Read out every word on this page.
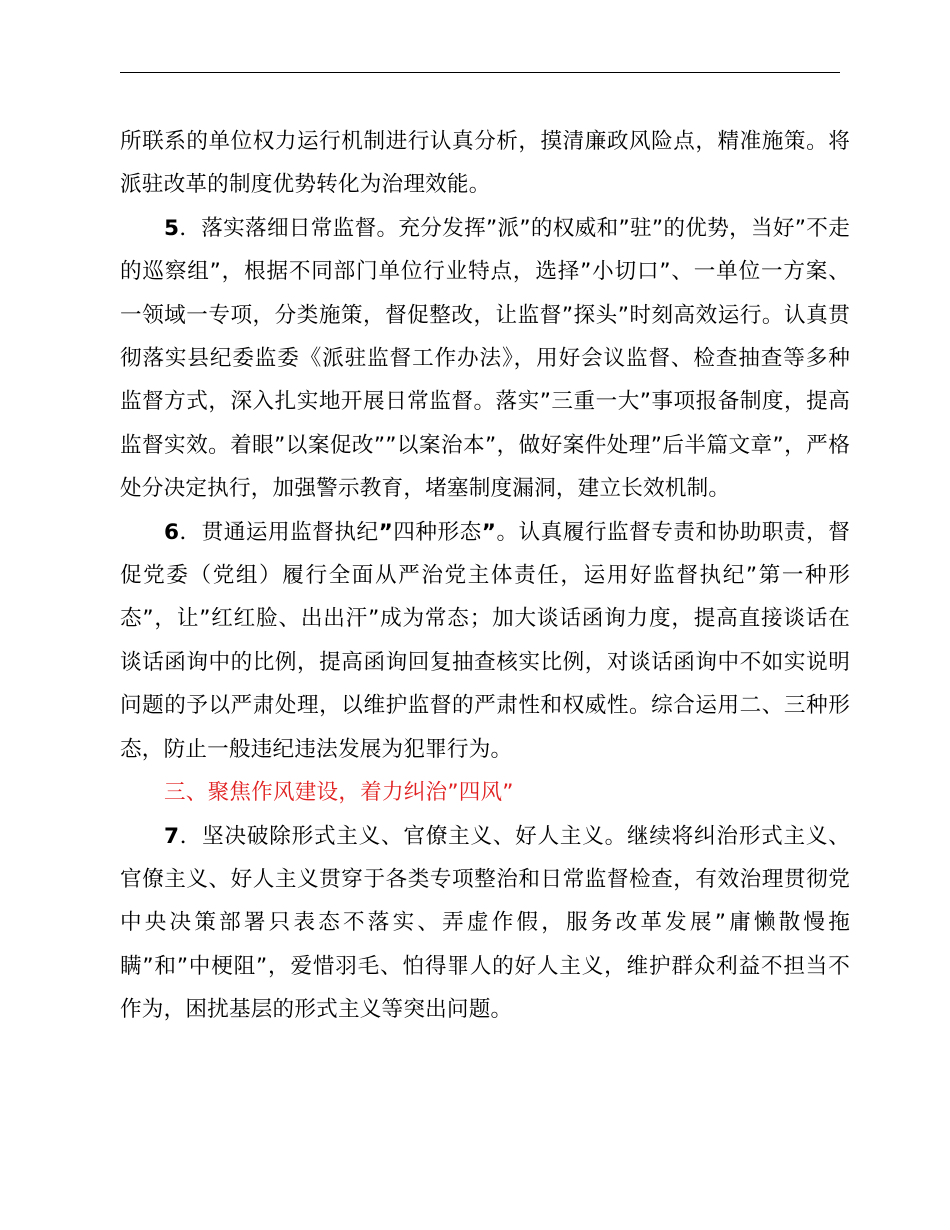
所联系的单位权力运行机制进行认真分析，摸清廉政风险点，精准施策。将派驻改革的制度优势转化为治理效能。

5．落实落细日常监督。充分发挥”派”的权威和”驻”的优势，当好”不走的巡察组”，根据不同部门单位行业特点，选择”小切口”、一单位一方案、一领域一专项，分类施策，督促整改，让监督”探头”时刻高效运行。认真贯彻落实县纪委监委《派驻监督工作办法》，用好会议监督、检查抽查等多种监督方式，深入扎实地开展日常监督。落实”三重一大”事项报备制度，提高监督实效。着眼”以案促改””以案治本”，做好案件处理”后半篇文章”，严格处分决定执行，加强警示教育，堵塞制度漏洞，建立长效机制。

6．贯通运用监督执纪”四种形态”。认真履行监督专责和协助职责，督促党委（党组）履行全面从严治党主体责任，运用好监督执纪”第一种形态”，让”红红脸、出出汗”成为常态；加大谈话函询力度，提高直接谈话在谈话函询中的比例，提高函询回复抽查核实比例，对谈话函询中不如实说明问题的予以严肃处理，以维护监督的严肃性和权威性。综合运用二、三种形态，防止一般违纪违法发展为犯罪行为。

三、聚焦作风建设，着力纠治”四风”

7．坚决破除形式主义、官僚主义、好人主义。继续将纠治形式主义、官僚主义、好人主义贯穿于各类专项整治和日常监督检查，有效治理贯彻党中央决策部署只表态不落实、弄虚作假，服务改革发展”庸懒散慢拖瞒”和”中梗阻”，爱惜羽毛、怕得罪人的好人主义，维护群众利益不担当不作为，困扰基层的形式主义等突出问题。
